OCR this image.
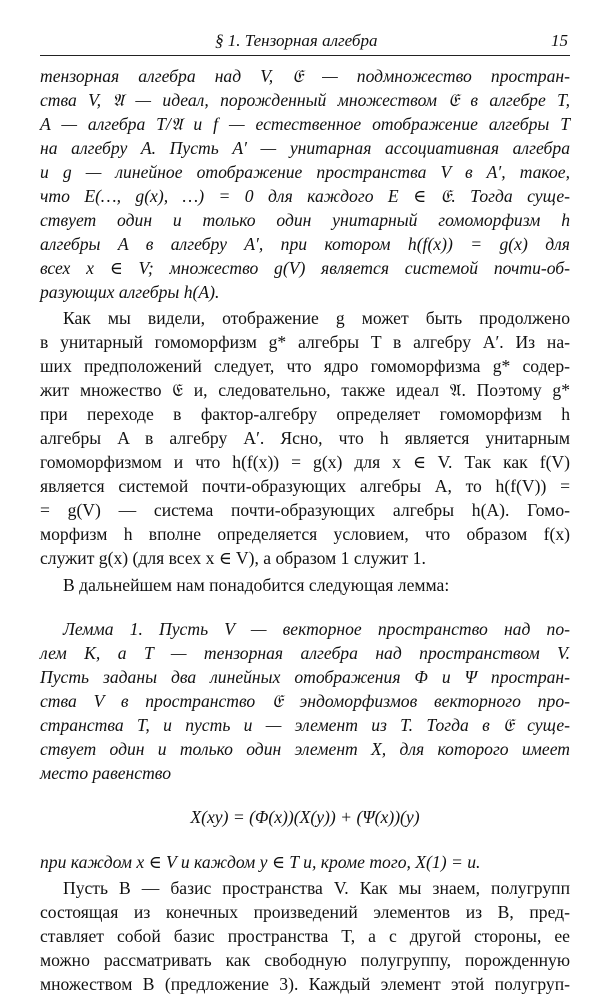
§ 1. Тензорная алгебра	15
тензорная алгебра над V, 𝔈 — подмножество простран-
ства V, 𝔄 — идеал, порожденный множеством 𝔈 в алгебре T,
A — алгебра T/𝔄 и f — естественное отображение алгебры T
на алгебру A. Пусть A′ — унитарная ассоциативная алгебра
и g — линейное отображение пространства V в A′, такое,
что E(…, g(x), …) = 0 для каждого E ∈ 𝔈. Тогда суще-
ствует один и только один унитарный гомоморфизм h
алгебры A в алгебру A′, при котором h(f(x)) = g(x) для
всех x ∈ V; множество g(V) является системой почти-об-
разующих алгебры h(A).
Как мы видели, отображение g может быть продолжено
в унитарный гомоморфизм g* алгебры T в алгебру A′. Из на-
ших предположений следует, что ядро гомоморфизма g* содер-
жит множество 𝔈 и, следовательно, также идеал 𝔄. Поэтому g*
при переходе в фактор-алгебру определяет гомоморфизм h
алгебры A в алгебру A′. Ясно, что h является унитарным
гомоморфизмом и что h(f(x)) = g(x) для x ∈ V. Так как f(V)
является системой почти-образующих алгебры A, то h(f(V)) =
= g(V) — система почти-образующих алгебры h(A). Гомо-
морфизм h вполне определяется условием, что образом f(x)
служит g(x) (для всех x ∈ V), а образом 1 служит 1.
В дальнейшем нам понадобится следующая лемма:
Лемма 1. Пусть V — векторное пространство над по-
лем K, а T — тензорная алгебра над пространством V.
Пусть заданы два линейных отображения Φ и Ψ простран-
ства V в пространство 𝔈 эндоморфизмов векторного про-
странства T, и пусть u — элемент из T. Тогда в 𝔈 суще-
ствует один и только один элемент X, для которого имеет
место равенство
X(xy) = (Φ(x))(X(y)) + (Ψ(x))(y)
при каждом x ∈ V и каждом y ∈ T и, кроме того, X(1) = u.
Пусть B — базис пространства V. Как мы знаем, полугрупп
состоящая из конечных произведений элементов из B, пред-
ставляет собой базис пространства T, а с другой стороны, ее
можно рассматривать как свободную полугруппу, порожденную
множеством B (предложение 3). Каждый элемент этой полугруп-
